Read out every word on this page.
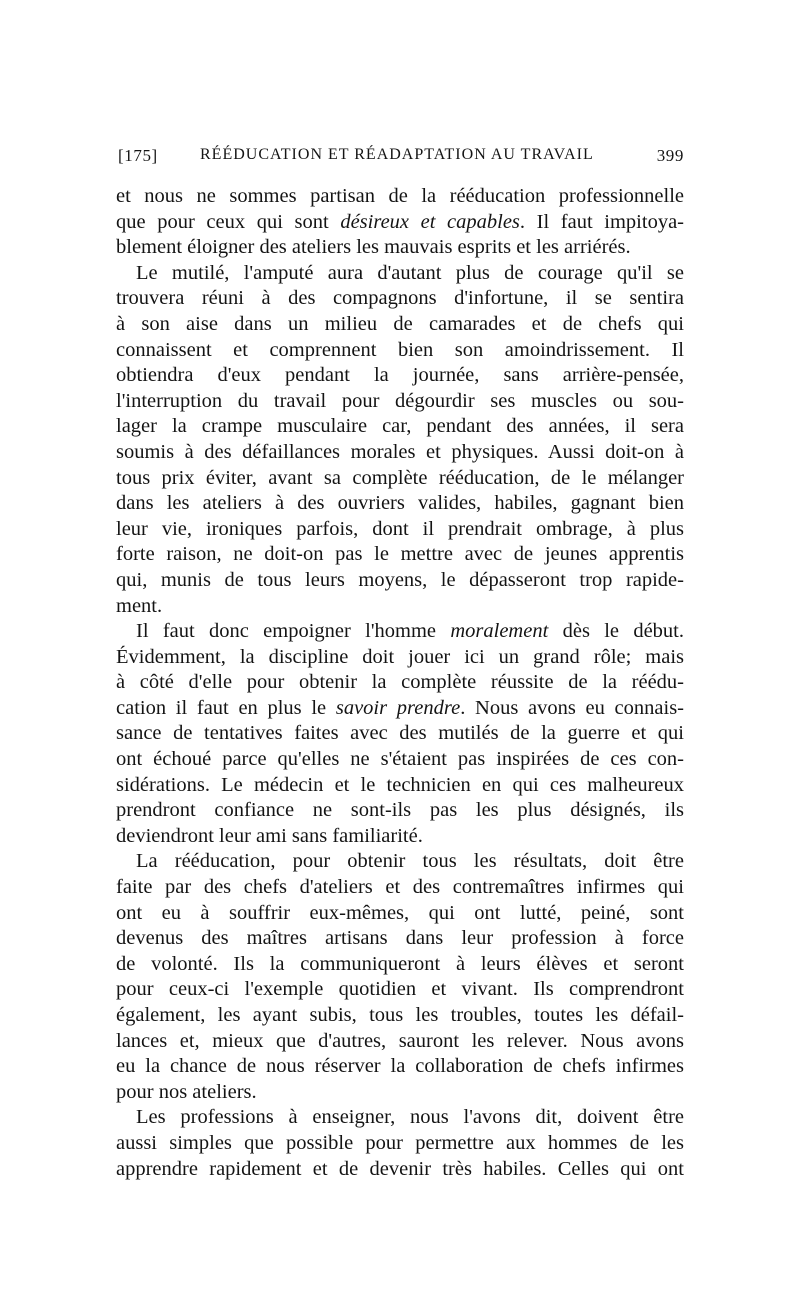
[175]	RÉÉDUCATION ET RÉADAPTATION AU TRAVAIL	399
et nous ne sommes partisan de la rééducation professionnelle
que pour ceux qui sont désireux et capables. Il faut impitoya-
blement éloigner des ateliers les mauvais esprits et les arriérés.
Le mutilé, l'amputé aura d'autant plus de courage qu'il se
trouvera réuni à des compagnons d'infortune, il se sentira
à son aise dans un milieu de camarades et de chefs qui
connaissent et comprennent bien son amoindrissement. Il
obtiendra d'eux pendant la journée, sans arrière-pensée,
l'interruption du travail pour dégourdir ses muscles ou sou-
lager la crampe musculaire car, pendant des années, il sera
soumis à des défaillances morales et physiques. Aussi doit-on à
tous prix éviter, avant sa complète rééducation, de le mélanger
dans les ateliers à des ouvriers valides, habiles, gagnant bien
leur vie, ironiques parfois, dont il prendrait ombrage, à plus
forte raison, ne doit-on pas le mettre avec de jeunes apprentis
qui, munis de tous leurs moyens, le dépasseront trop rapide-
ment.
Il faut donc empoigner l'homme moralement dès le début.
Évidemment, la discipline doit jouer ici un grand rôle; mais
à côté d'elle pour obtenir la complète réussite de la réédu-
cation il faut en plus le savoir prendre. Nous avons eu connais-
sance de tentatives faites avec des mutilés de la guerre et qui
ont échoué parce qu'elles ne s'étaient pas inspirées de ces con-
sidérations. Le médecin et le technicien en qui ces malheureux
prendront confiance ne sont-ils pas les plus désignés, ils
deviendront leur ami sans familiarité.
La rééducation, pour obtenir tous les résultats, doit être
faite par des chefs d'ateliers et des contremaîtres infirmes qui
ont eu à souffrir eux-mêmes, qui ont lutté, peiné, sont
devenus des maîtres artisans dans leur profession à force
de volonté. Ils la communiqueront à leurs élèves et seront
pour ceux-ci l'exemple quotidien et vivant. Ils comprendront
également, les ayant subis, tous les troubles, toutes les défail-
lances et, mieux que d'autres, sauront les relever. Nous avons
eu la chance de nous réserver la collaboration de chefs infirmes
pour nos ateliers.
Les professions à enseigner, nous l'avons dit, doivent être
aussi simples que possible pour permettre aux hommes de les
apprendre rapidement et de devenir très habiles. Celles qui ont
